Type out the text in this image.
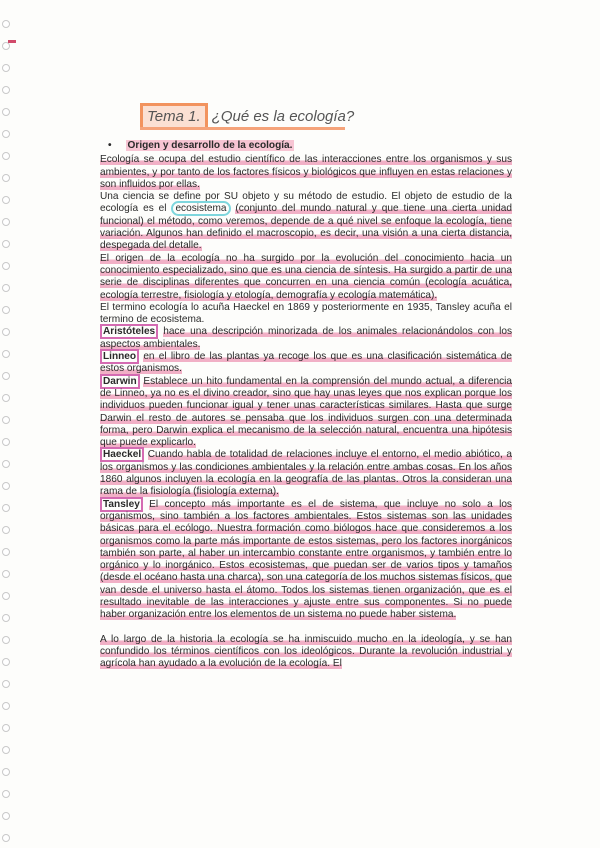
Tema 1. ¿Qué es la ecología?
• Origen y desarrollo de la ecología.

Ecología se ocupa del estudio científico de las interacciones entre los organismos y sus ambientes, y por tanto de los factores físicos y biológicos que influyen en estas relaciones y son influidos por ellas.

Una ciencia se define por SU objeto y su método de estudio. El objeto de estudio de la ecología es el ecosistema (conjunto del mundo natural y que tiene una cierta unidad funcional) el método, como veremos, depende de a qué nivel se enfoque la ecología, tiene variación. Algunos han definido el macroscopio, es decir, una visión a una cierta distancia, despegada del detalle.

El origen de la ecología no ha surgido por la evolución del conocimiento hacia un conocimiento especializado, sino que es una ciencia de síntesis. Ha surgido a partir de una serie de disciplinas diferentes que concurren en una ciencia común (ecología acuática, ecología terrestre, fisiología y etología, demografía y ecología matemática).

El termino ecología lo acuña Haeckel en 1869 y posteriormente en 1935, Tansley acuña el termino de ecosistema.

Aristóteles hace una descripción minorizada de los animales relacionándolos con los aspectos ambientales.

Linneo en el libro de las plantas ya recoge los que es una clasificación sistemática de estos organismos.

Darwin Establece un hito fundamental en la comprensión del mundo actual, a diferencia de Linneo, ya no es el divino creador, sino que hay unas leyes que nos explican porque los individuos pueden funcionar igual y tener unas características similares. Hasta que surge Darwin el resto de autores se pensaba que los individuos surgen con una determinada forma, pero Darwin explica el mecanismo de la selección natural, encuentra una hipótesis que puede explicarlo.

Haeckel Cuando habla de totalidad de relaciones incluye el entorno, el medio abiótico, a los organismos y las condiciones ambientales y la relación entre ambas cosas. En los años 1860 algunos incluyen la ecología en la geografía de las plantas. Otros la consideran una rama de la fisiología (fisiología externa).

Tansley El concepto más importante es el de sistema, que incluye no solo a los organismos, sino también a los factores ambientales. Estos sistemas son las unidades básicas para el ecólogo. Nuestra formación como biólogos hace que consideremos a los organismos como la parte más importante de estos sistemas, pero los factores inorgánicos también son parte, al haber un intercambio constante entre organismos, y también entre lo orgánico y lo inorgánico. Estos ecosistemas, que puedan ser de varios tipos y tamaños (desde el océano hasta una charca), son una categoría de los muchos sistemas físicos, que van desde el universo hasta el átomo. Todos los sistemas tienen organización, que es el resultado inevitable de las interacciones y ajuste entre sus componentes. Si no puede haber organización entre los elementos de un sistema no puede haber sistema.

A lo largo de la historia la ecología se ha inmiscuido mucho en la ideología, y se han confundido los términos científicos con los ideológicos. Durante la revolución industrial y agrícola han ayudado a la evolución de la ecología. El
